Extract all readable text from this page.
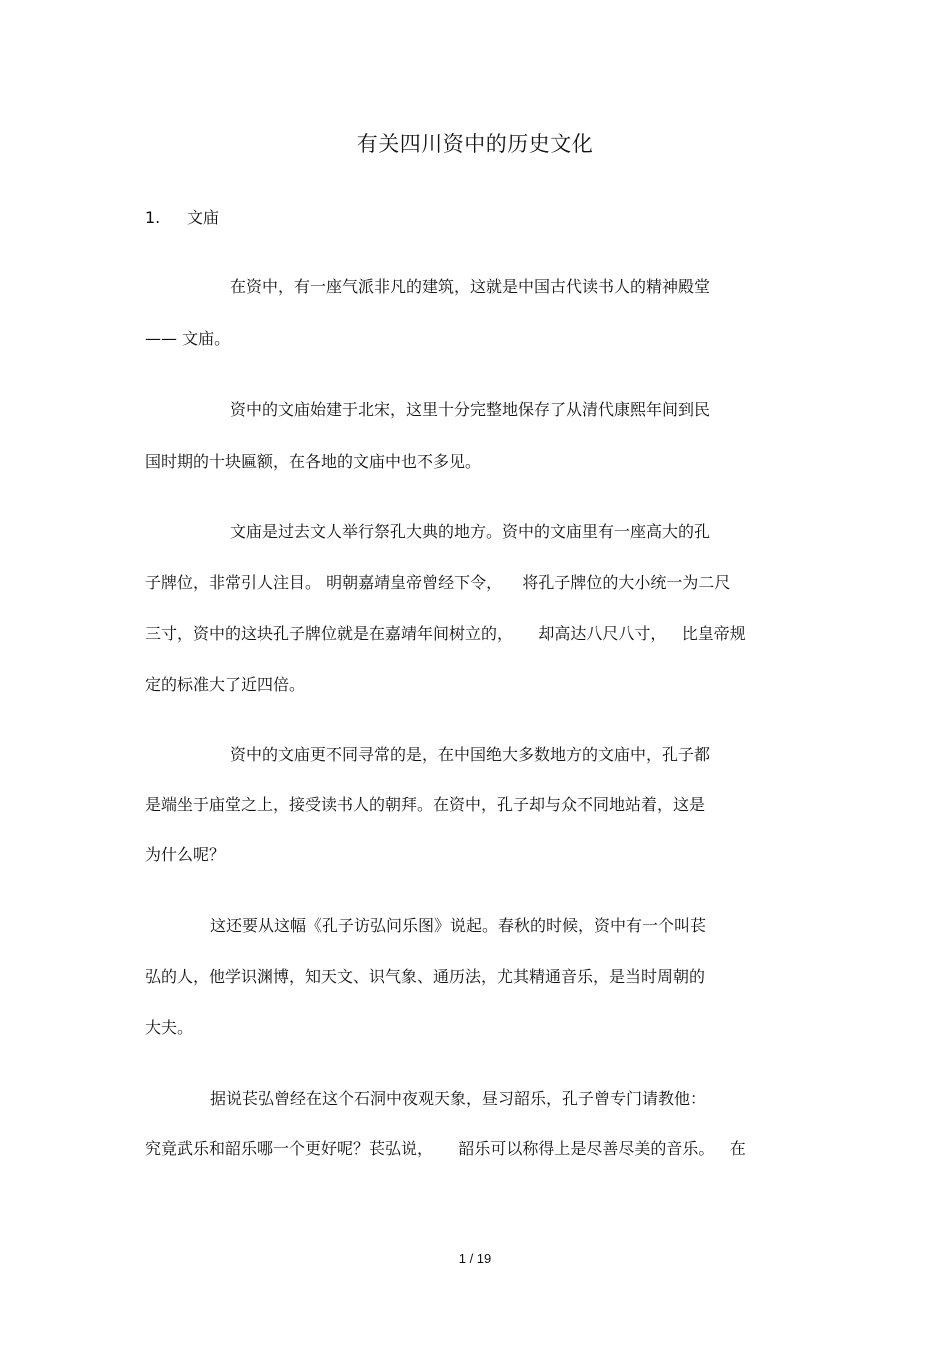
有关四川资中的历史文化
1. 文庙
在资中，有一座气派非凡的建筑，这就是中国古代读书人的精神殿堂
—— 文庙。
资中的文庙始建于北宋，这里十分完整地保存了从清代康熙年间到民
国时期的十块匾额，在各地的文庙中也不多见。
文庙是过去文人举行祭孔大典的地方。资中的文庙里有一座高大的孔
子牌位，非常引人注目。 明朝嘉靖皇帝曾经下令，    将孔子牌位的大小统一为二尺
三寸，资中的这块孔子牌位就是在嘉靖年间树立的，     却高达八尺八寸，   比皇帝规
定的标准大了近四倍。
资中的文庙更不同寻常的是，在中国绝大多数地方的文庙中，孔子都
是端坐于庙堂之上，接受读书人的朝拜。在资中，孔子却与众不同地站着，这是
为什么呢？
这还要从这幅《孔子访弘问乐图》说起。春秋的时候，资中有一个叫苌
弘的人，他学识渊博，知天文、识气象、通历法，尤其精通音乐，是当时周朝的
大夫。
据说苌弘曾经在这个石洞中夜观天象，昼习韶乐，孔子曾专门请教他：
究竟武乐和韶乐哪一个更好呢？苌弘说，     韶乐可以称得上是尽善尽美的音乐。   在
1 / 19
